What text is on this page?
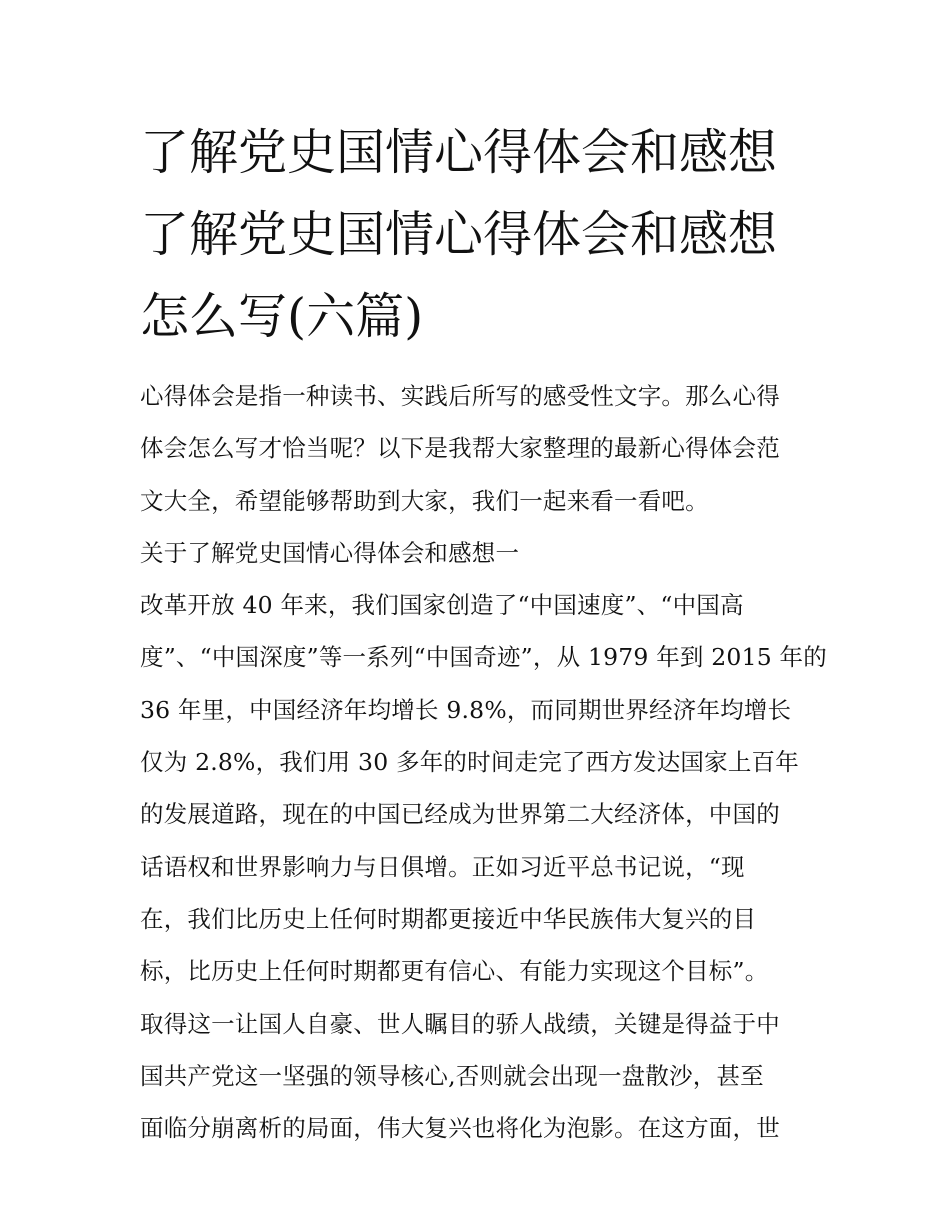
了解党史国情心得体会和感想
了解党史国情心得体会和感想
怎么写(六篇)

心得体会是指一种读书、实践后所写的感受性文字。那么心得
体会怎么写才恰当呢？以下是我帮大家整理的最新心得体会范
文大全，希望能够帮助到大家，我们一起来看一看吧。

关于了解党史国情心得体会和感想一

改革开放 40 年来，我们国家创造了“中国速度”、“中国高
度”、“中国深度”等一系列“中国奇迹”，从 1979 年到 2015 年的
36 年里，中国经济年均增长 9.8%，而同期世界经济年均增长
仅为 2.8%，我们用 30 多年的时间走完了西方发达国家上百年
的发展道路，现在的中国已经成为世界第二大经济体，中国的
话语权和世界影响力与日俱增。正如习近平总书记说，“现
在，我们比历史上任何时期都更接近中华民族伟大复兴的目
标，比历史上任何时期都更有信心、有能力实现这个目标”。
取得这一让国人自豪、世人瞩目的骄人战绩，关键是得益于中
国共产党这一坚强的领导核心,否则就会出现一盘散沙，甚至
面临分崩离析的局面，伟大复兴也将化为泡影。在这方面，世
